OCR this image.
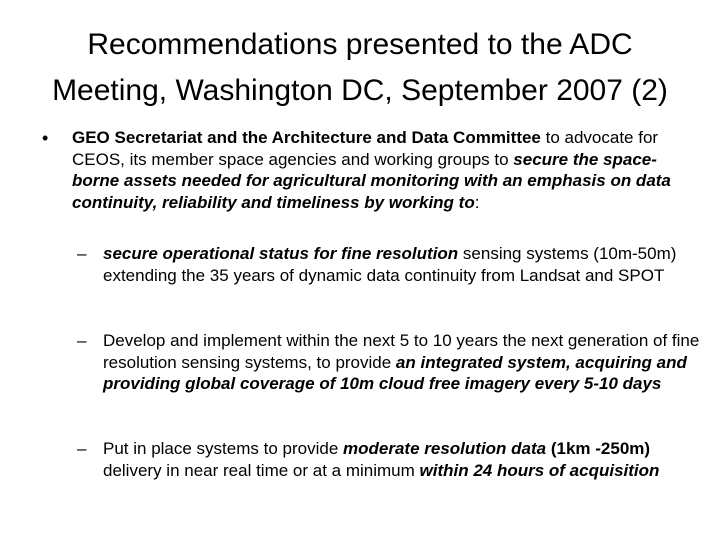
Recommendations presented to the ADC
Meeting, Washington DC, September 2007 (2)
• GEO Secretariat and the Architecture and Data Committee to advocate for CEOS, its member space agencies and working groups to secure the space-borne assets needed for agricultural monitoring with an emphasis on data continuity, reliability and timeliness by working to:
– secure operational status for fine resolution sensing systems (10m-50m) extending the 35 years of dynamic data continuity from Landsat and SPOT
– Develop and implement within the next 5 to 10 years the next generation of fine resolution sensing systems, to provide an integrated system, acquiring and providing global coverage of 10m cloud free imagery every 5-10 days
– Put in place systems to provide moderate resolution data (1km -250m) delivery in near real time or at a minimum within 24 hours of acquisition
